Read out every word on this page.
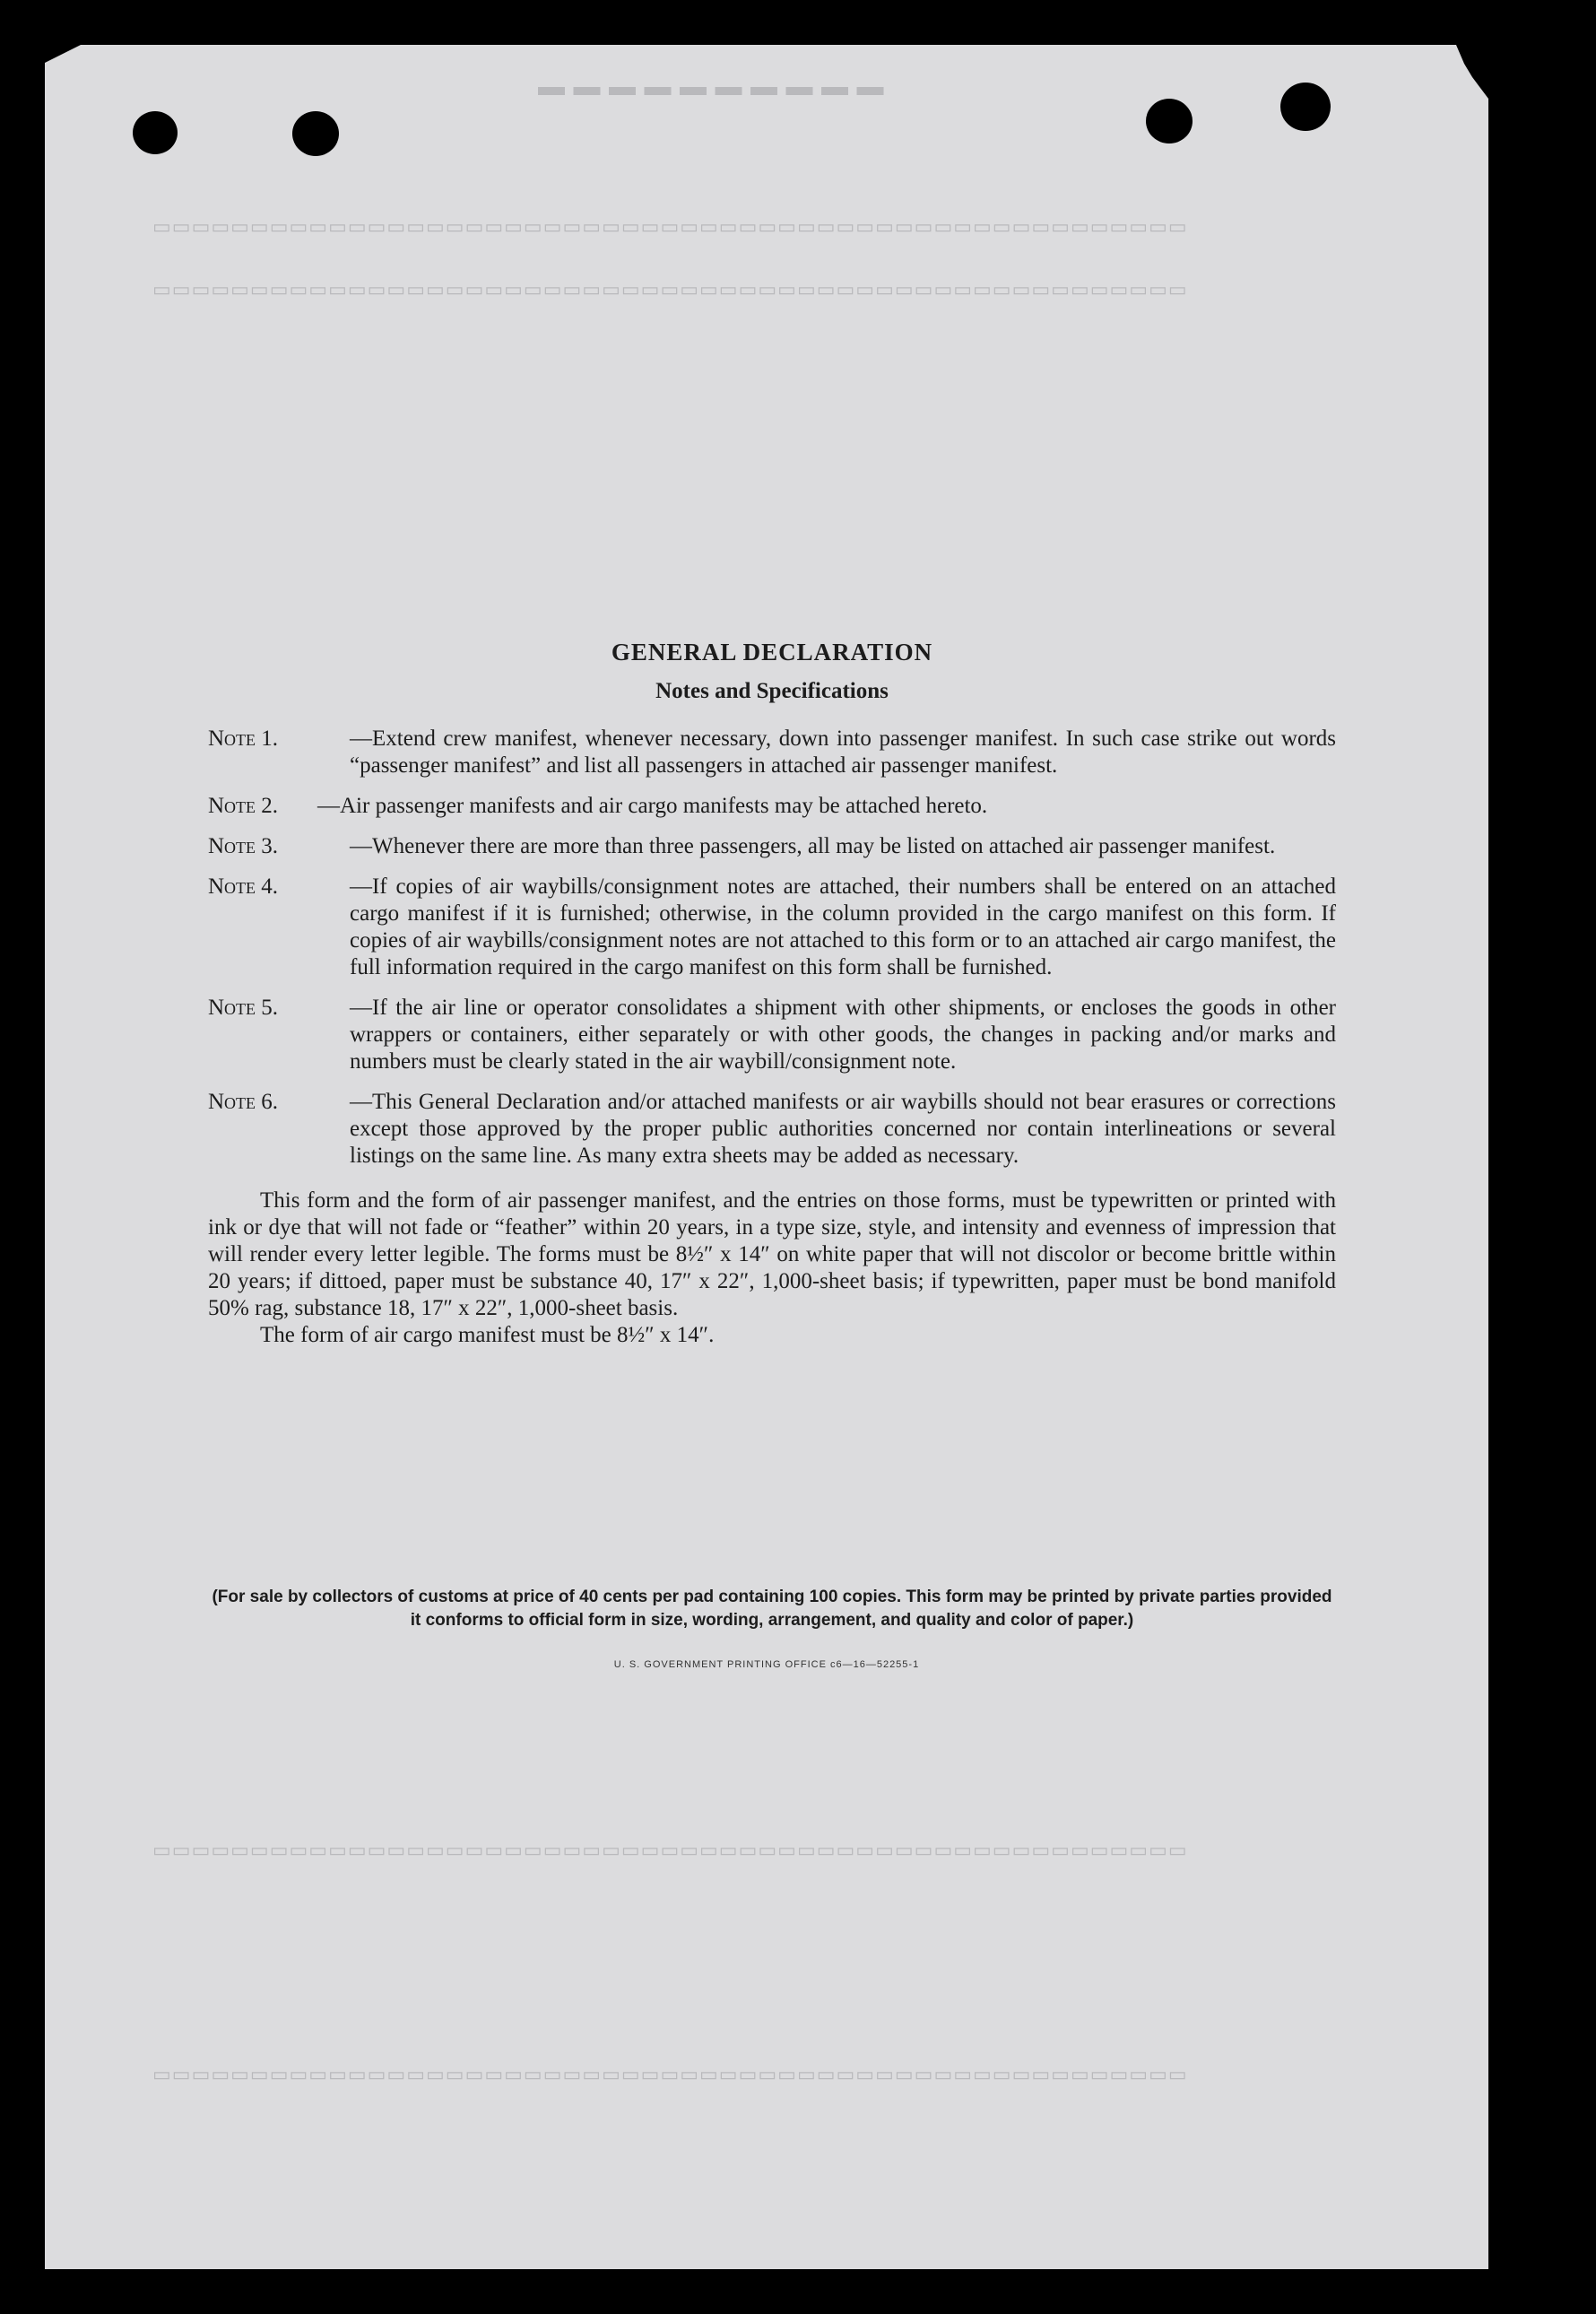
▬ ▬ ▬ ▬ ▬ ▬ ▬ ▬ ▬ ▬
▭▭▭▭▭▭▭▭▭▭▭▭▭▭▭▭▭▭▭▭▭▭▭▭▭▭▭▭▭▭▭▭▭▭▭▭▭▭▭▭▭▭▭▭▭▭▭▭▭▭▭▭▭
▭▭▭▭▭▭▭▭▭▭▭▭▭▭▭▭▭▭▭▭▭▭▭▭▭▭▭▭▭▭▭▭▭▭▭▭▭▭▭▭▭▭▭▭▭▭▭▭▭▭▭▭▭
▭▭▭▭▭▭▭▭▭▭▭▭▭▭▭▭▭▭▭▭▭▭▭▭▭▭▭▭▭▭▭▭▭▭▭▭▭▭▭▭▭▭▭▭▭▭▭▭▭▭▭▭▭
▭▭▭▭▭▭▭▭▭▭▭▭▭▭▭▭▭▭▭▭▭▭▭▭▭▭▭▭▭▭▭▭▭▭▭▭▭▭▭▭▭▭▭▭▭▭▭▭▭▭▭▭▭
GENERAL DECLARATION
Notes and Specifications
Note 1.	—Extend crew manifest, whenever necessary, down into passenger manifest. In such case strike out words “passenger manifest” and list all passengers in attached air passenger manifest.
Note 2. —Air passenger manifests and air cargo manifests may be attached hereto.
Note 3.	—Whenever there are more than three passengers, all may be listed on attached air passenger manifest.
Note 4.	—If copies of air waybills/consignment notes are attached, their numbers shall be entered on an attached cargo manifest if it is furnished; otherwise, in the column provided in the cargo manifest on this form. If copies of air waybills/consignment notes are not attached to this form or to an attached air cargo manifest, the full information required in the cargo manifest on this form shall be furnished.
Note 5.	—If the air line or operator consolidates a shipment with other shipments, or encloses the goods in other wrappers or containers, either separately or with other goods, the changes in packing and/or marks and numbers must be clearly stated in the air waybill/consignment note.
Note 6.	—This General Declaration and/or attached manifests or air waybills should not bear erasures or corrections except those approved by the proper public authorities concerned nor contain interlineations or several listings on the same line. As many extra sheets may be added as necessary.

This form and the form of air passenger manifest, and the entries on those forms, must be typewritten or printed with ink or dye that will not fade or “feather” within 20 years, in a type size, style, and intensity and evenness of impression that will render every letter legible. The forms must be 8½″ x 14″ on white paper that will not discolor or become brittle within 20 years; if dittoed, paper must be substance 40, 17″ x 22″, 1,000-sheet basis; if typewritten, paper must be bond manifold 50% rag, substance 18, 17″ x 22″, 1,000-sheet basis.

The form of air cargo manifest must be 8½″ x 14″.

(For sale by collectors of customs at price of 40 cents per pad containing 100 copies. This form may be printed by private parties provided it conforms to official form in size, wording, arrangement, and quality and color of paper.)
U. S. GOVERNMENT PRINTING OFFICE c6—16—52255-1
